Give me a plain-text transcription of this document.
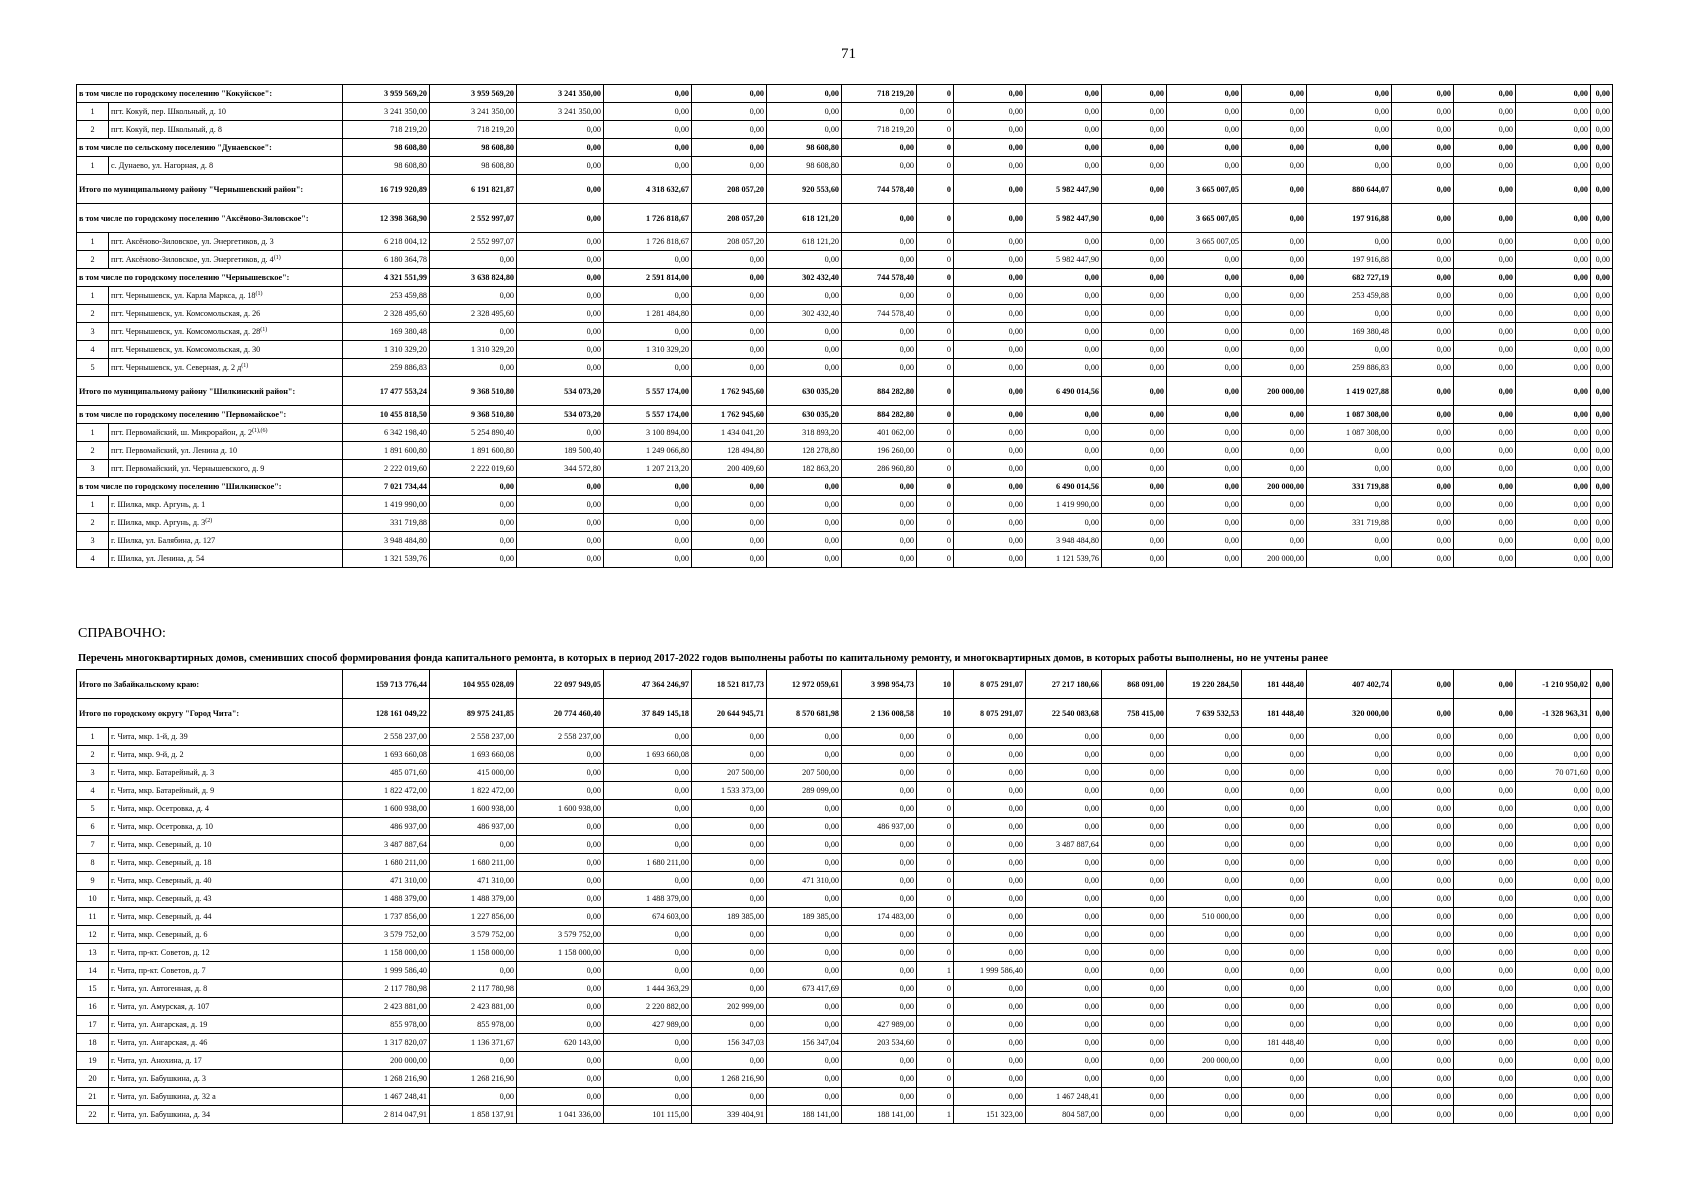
71
в том числе по городскому поселению "Кокуйское":		3 959 569,20	3 959 569,20	3 241 350,00	0,00	0,00	0,00	718 219,20	0	0,00	0,00	0,00	0,00	0,00	0,00	0,00	0,00	0,00	0,00
1	пгт. Кокуй, пер. Школьный, д. 10	3 241 350,00	3 241 350,00	3 241 350,00	0,00	0,00	0,00	0,00	0	0,00	0,00	0,00	0,00	0,00	0,00	0,00	0,00	0,00	0,00
2	пгт. Кокуй, пер. Школьный, д. 8	718 219,20	718 219,20	0,00	0,00	0,00	0,00	718 219,20	0	0,00	0,00	0,00	0,00	0,00	0,00	0,00	0,00	0,00	0,00
в том числе по сельскому поселению "Дунаевское":		98 608,80	98 608,80	0,00	0,00	0,00	98 608,80	0,00	0	0,00	0,00	0,00	0,00	0,00	0,00	0,00	0,00	0,00	0,00
1	с. Дунаево, ул. Нагорная, д. 8	98 608,80	98 608,80	0,00	0,00	0,00	98 608,80	0,00	0	0,00	0,00	0,00	0,00	0,00	0,00	0,00	0,00	0,00	0,00
Итого по муниципальному району "Чернышевский район":		16 719 920,89	6 191 821,87	0,00	4 318 632,67	208 057,20	920 553,60	744 578,40	0	0,00	5 982 447,90	0,00	3 665 007,05	0,00	880 644,07	0,00	0,00	0,00	0,00
в том числе по городскому поселению "Аксёново-Зиловское":		12 398 368,90	2 552 997,07	0,00	1 726 818,67	208 057,20	618 121,20	0,00	0	0,00	5 982 447,90	0,00	3 665 007,05	0,00	197 916,88	0,00	0,00	0,00	0,00
1	пгт. Аксёново-Зиловское, ул. Энергетиков, д. 3	6 218 004,12	2 552 997,07	0,00	1 726 818,67	208 057,20	618 121,20	0,00	0	0,00	0,00	0,00	3 665 007,05	0,00	0,00	0,00	0,00	0,00	0,00
2	пгт. Аксёново-Зиловское, ул. Энергетиков, д. 4$^{(1)}$	6 180 364,78	0,00	0,00	0,00	0,00	0,00	0,00	0	0,00	5 982 447,90	0,00	0,00	0,00	197 916,88	0,00	0,00	0,00	0,00
в том числе по городскому поселению "Чернышевское":		4 321 551,99	3 638 824,80	0,00	2 591 814,00	0,00	302 432,40	744 578,40	0	0,00	0,00	0,00	0,00	0,00	682 727,19	0,00	0,00	0,00	0,00
1	пгт. Чернышевск, ул. Карла Маркса, д. 18$^{(1)}$	253 459,88	0,00	0,00	0,00	0,00	0,00	0,00	0	0,00	0,00	0,00	0,00	0,00	253 459,88	0,00	0,00	0,00	0,00
2	пгт. Чернышевск, ул. Комсомольская, д. 26	2 328 495,60	2 328 495,60	0,00	1 281 484,80	0,00	302 432,40	744 578,40	0	0,00	0,00	0,00	0,00	0,00	0,00	0,00	0,00	0,00	0,00
3	пгт. Чернышевск, ул. Комсомольская, д. 28$^{(1)}$	169 380,48	0,00	0,00	0,00	0,00	0,00	0,00	0	0,00	0,00	0,00	0,00	0,00	169 380,48	0,00	0,00	0,00	0,00
4	пгт. Чернышевск, ул. Комсомольская, д. 30	1 310 329,20	1 310 329,20	0,00	1 310 329,20	0,00	0,00	0,00	0	0,00	0,00	0,00	0,00	0,00	0,00	0,00	0,00	0,00	0,00
5	пгт. Чернышевск, ул. Северная, д. 2 $д^{(1)}$	259 886,83	0,00	0,00	0,00	0,00	0,00	0,00	0	0,00	0,00	0,00	0,00	0,00	259 886,83	0,00	0,00	0,00	0,00
Итого по муниципальному району "Шилкинский район":		17 477 553,24	9 368 510,80	534 073,20	5 557 174,00	1 762 945,60	630 035,20	884 282,80	0	0,00	6 490 014,56	0,00	0,00	200 000,00	1 419 027,88	0,00	0,00	0,00	0,00
в том числе по городскому поселению "Первомайское":		10 455 818,50	9 368 510,80	534 073,20	5 557 174,00	1 762 945,60	630 035,20	884 282,80	0	0,00	0,00	0,00	0,00	0,00	1 087 308,00	0,00	0,00	0,00	0,00
1	пгт. Первомайский, ш. Микрорайон, д. $2^{(1),(6)}$	6 342 198,40	5 254 890,40	0,00	3 100 894,00	1 434 041,20	318 893,20	401 062,00	0	0,00	0,00	0,00	0,00	0,00	1 087 308,00	0,00	0,00	0,00	0,00
2	пгт. Первомайский, ул. Ленина д. 10	1 891 600,80	1 891 600,80	189 500,40	1 249 066,80	128 494,80	128 278,80	196 260,00	0	0,00	0,00	0,00	0,00	0,00	0,00	0,00	0,00	0,00	0,00
3	пгт. Первомайский, ул. Чернышевского, д. 9	2 222 019,60	2 222 019,60	344 572,80	1 207 213,20	200 409,60	182 863,20	286 960,80	0	0,00	0,00	0,00	0,00	0,00	0,00	0,00	0,00	0,00	0,00
в том числе по городскому поселению "Шилкинское":		7 021 734,44	0,00	0,00	0,00	0,00	0,00	0,00	0	0,00	6 490 014,56	0,00	0,00	200 000,00	331 719,88	0,00	0,00	0,00	0,00
1	г. Шилка, мкр. Аргунь, д. 1	1 419 990,00	0,00	0,00	0,00	0,00	0,00	0,00	0	0,00	1 419 990,00	0,00	0,00	0,00	0,00	0,00	0,00	0,00	0,00
2	г. Шилка, мкр. Аргунь, д. 3$^{(2)}$	331 719,88	0,00	0,00	0,00	0,00	0,00	0,00	0	0,00	0,00	0,00	0,00	0,00	331 719,88	0,00	0,00	0,00	0,00
3	г. Шилка, ул. Балябина, д. 127	3 948 484,80	0,00	0,00	0,00	0,00	0,00	0,00	0	0,00	3 948 484,80	0,00	0,00	0,00	0,00	0,00	0,00	0,00	0,00
4	г. Шилка, ул. Ленина, д. 54	1 321 539,76	0,00	0,00	0,00	0,00	0,00	0,00	0	0,00	1 121 539,76	0,00	0,00	200 000,00	0,00	0,00	0,00	0,00	0,00
СПРАВОЧНО:
Перечень многоквартирных домов, сменивших способ формирования фонда капитального ремонта, в которых в период 2017-2022 годов выполнены работы по капитальному ремонту, и многоквартирных домов, в которых работы выполнены, но не учтены ранее
Итого по Забайкальскому краю:		159 713 776,44	104 955 028,09	22 097 949,05	47 364 246,97	18 521 817,73	12 972 059,61	3 998 954,73	10	8 075 291,07	27 217 180,66	868 091,00	19 220 284,50	181 448,40	407 402,74	0,00	0,00	-1 210 950,02	0,00
Итого по городскому округу "Город Чита":		128 161 049,22	89 975 241,85	20 774 460,40	37 849 145,18	20 644 945,71	8 570 681,98	2 136 008,58	10	8 075 291,07	22 540 083,68	758 415,00	7 639 532,53	181 448,40	320 000,00	0,00	0,00	-1 328 963,31	0,00
1	г. Чита, мкр. 1-й, д. 39	2 558 237,00	2 558 237,00	2 558 237,00	0,00	0,00	0,00	0,00	0	0,00	0,00	0,00	0,00	0,00	0,00	0,00	0,00	0,00	0,00
2	г. Чита, мкр. 9-й, д. 2	1 693 660,08	1 693 660,08	0,00	1 693 660,08	0,00	0,00	0,00	0	0,00	0,00	0,00	0,00	0,00	0,00	0,00	0,00	0,00	0,00
3	г. Чита, мкр. Батарейный, д. 3	485 071,60	415 000,00	0,00	0,00	207 500,00	207 500,00	0,00	0	0,00	0,00	0,00	0,00	0,00	0,00	0,00	0,00	70 071,60	0,00
4	г. Чита, мкр. Батарейный, д. 9	1 822 472,00	1 822 472,00	0,00	0,00	1 533 373,00	289 099,00	0,00	0	0,00	0,00	0,00	0,00	0,00	0,00	0,00	0,00	0,00	0,00
5	г. Чита, мкр. Осетровка, д. 4	1 600 938,00	1 600 938,00	1 600 938,00	0,00	0,00	0,00	0,00	0	0,00	0,00	0,00	0,00	0,00	0,00	0,00	0,00	0,00	0,00
6	г. Чита, мкр. Осетровка, д. 10	486 937,00	486 937,00	0,00	0,00	0,00	0,00	486 937,00	0	0,00	0,00	0,00	0,00	0,00	0,00	0,00	0,00	0,00	0,00
7	г. Чита, мкр. Северный, д. 10	3 487 887,64	0,00	0,00	0,00	0,00	0,00	0,00	0	0,00	3 487 887,64	0,00	0,00	0,00	0,00	0,00	0,00	0,00	0,00
8	г. Чита, мкр. Северный, д. 18	1 680 211,00	1 680 211,00	0,00	1 680 211,00	0,00	0,00	0,00	0	0,00	0,00	0,00	0,00	0,00	0,00	0,00	0,00	0,00	0,00
9	г. Чита, мкр. Северный, д. 40	471 310,00	471 310,00	0,00	0,00	0,00	471 310,00	0,00	0	0,00	0,00	0,00	0,00	0,00	0,00	0,00	0,00	0,00	0,00
10	г. Чита, мкр. Северный, д. 43	1 488 379,00	1 488 379,00	0,00	1 488 379,00	0,00	0,00	0,00	0	0,00	0,00	0,00	0,00	0,00	0,00	0,00	0,00	0,00	0,00
11	г. Чита, мкр. Северный, д. 44	1 737 856,00	1 227 856,00	0,00	674 603,00	189 385,00	189 385,00	174 483,00	0	0,00	0,00	0,00	510 000,00	0,00	0,00	0,00	0,00	0,00	0,00
12	г. Чита, мкр. Северный, д. 6	3 579 752,00	3 579 752,00	3 579 752,00	0,00	0,00	0,00	0,00	0	0,00	0,00	0,00	0,00	0,00	0,00	0,00	0,00	0,00	0,00
13	г. Чита, пр-кт. Советов, д. 12	1 158 000,00	1 158 000,00	1 158 000,00	0,00	0,00	0,00	0,00	0	0,00	0,00	0,00	0,00	0,00	0,00	0,00	0,00	0,00	0,00
14	г. Чита, пр-кт. Советов, д. 7	1 999 586,40	0,00	0,00	0,00	0,00	0,00	0,00	1	1 999 586,40	0,00	0,00	0,00	0,00	0,00	0,00	0,00	0,00	0,00
15	г. Чита, ул. Автогенная, д. 8	2 117 780,98	2 117 780,98	0,00	1 444 363,29	0,00	673 417,69	0,00	0	0,00	0,00	0,00	0,00	0,00	0,00	0,00	0,00	0,00	0,00
16	г. Чита, ул. Амурская, д. 107	2 423 881,00	2 423 881,00	0,00	2 220 882,00	202 999,00	0,00	0,00	0	0,00	0,00	0,00	0,00	0,00	0,00	0,00	0,00	0,00	0,00
17	г. Чита, ул. Ангарская, д. 19	855 978,00	855 978,00	0,00	427 989,00	0,00	0,00	427 989,00	0	0,00	0,00	0,00	0,00	0,00	0,00	0,00	0,00	0,00	0,00
18	г. Чита, ул. Ангарская, д. 46	1 317 820,07	1 136 371,67	620 143,00	0,00	156 347,03	156 347,04	203 534,60	0	0,00	0,00	0,00	0,00	181 448,40	0,00	0,00	0,00	0,00	0,00
19	г. Чита, ул. Анохина, д. 17	200 000,00	0,00	0,00	0,00	0,00	0,00	0,00	0	0,00	0,00	0,00	200 000,00	0,00	0,00	0,00	0,00	0,00	0,00
20	г. Чита, ул. Бабушкина, д. 3	1 268 216,90	1 268 216,90	0,00	0,00	1 268 216,90	0,00	0,00	0	0,00	0,00	0,00	0,00	0,00	0,00	0,00	0,00	0,00	0,00
21	г. Чита, ул. Бабушкина, д. 32 а	1 467 248,41	0,00	0,00	0,00	0,00	0,00	0,00	0	0,00	1 467 248,41	0,00	0,00	0,00	0,00	0,00	0,00	0,00	0,00
22	г. Чита, ул. Бабушкина, д. 34	2 814 047,91	1 858 137,91	1 041 336,00	101 115,00	339 404,91	188 141,00	188 141,00	1	151 323,00	804 587,00	0,00	0,00	0,00	0,00	0,00	0,00	0,00	0,00
